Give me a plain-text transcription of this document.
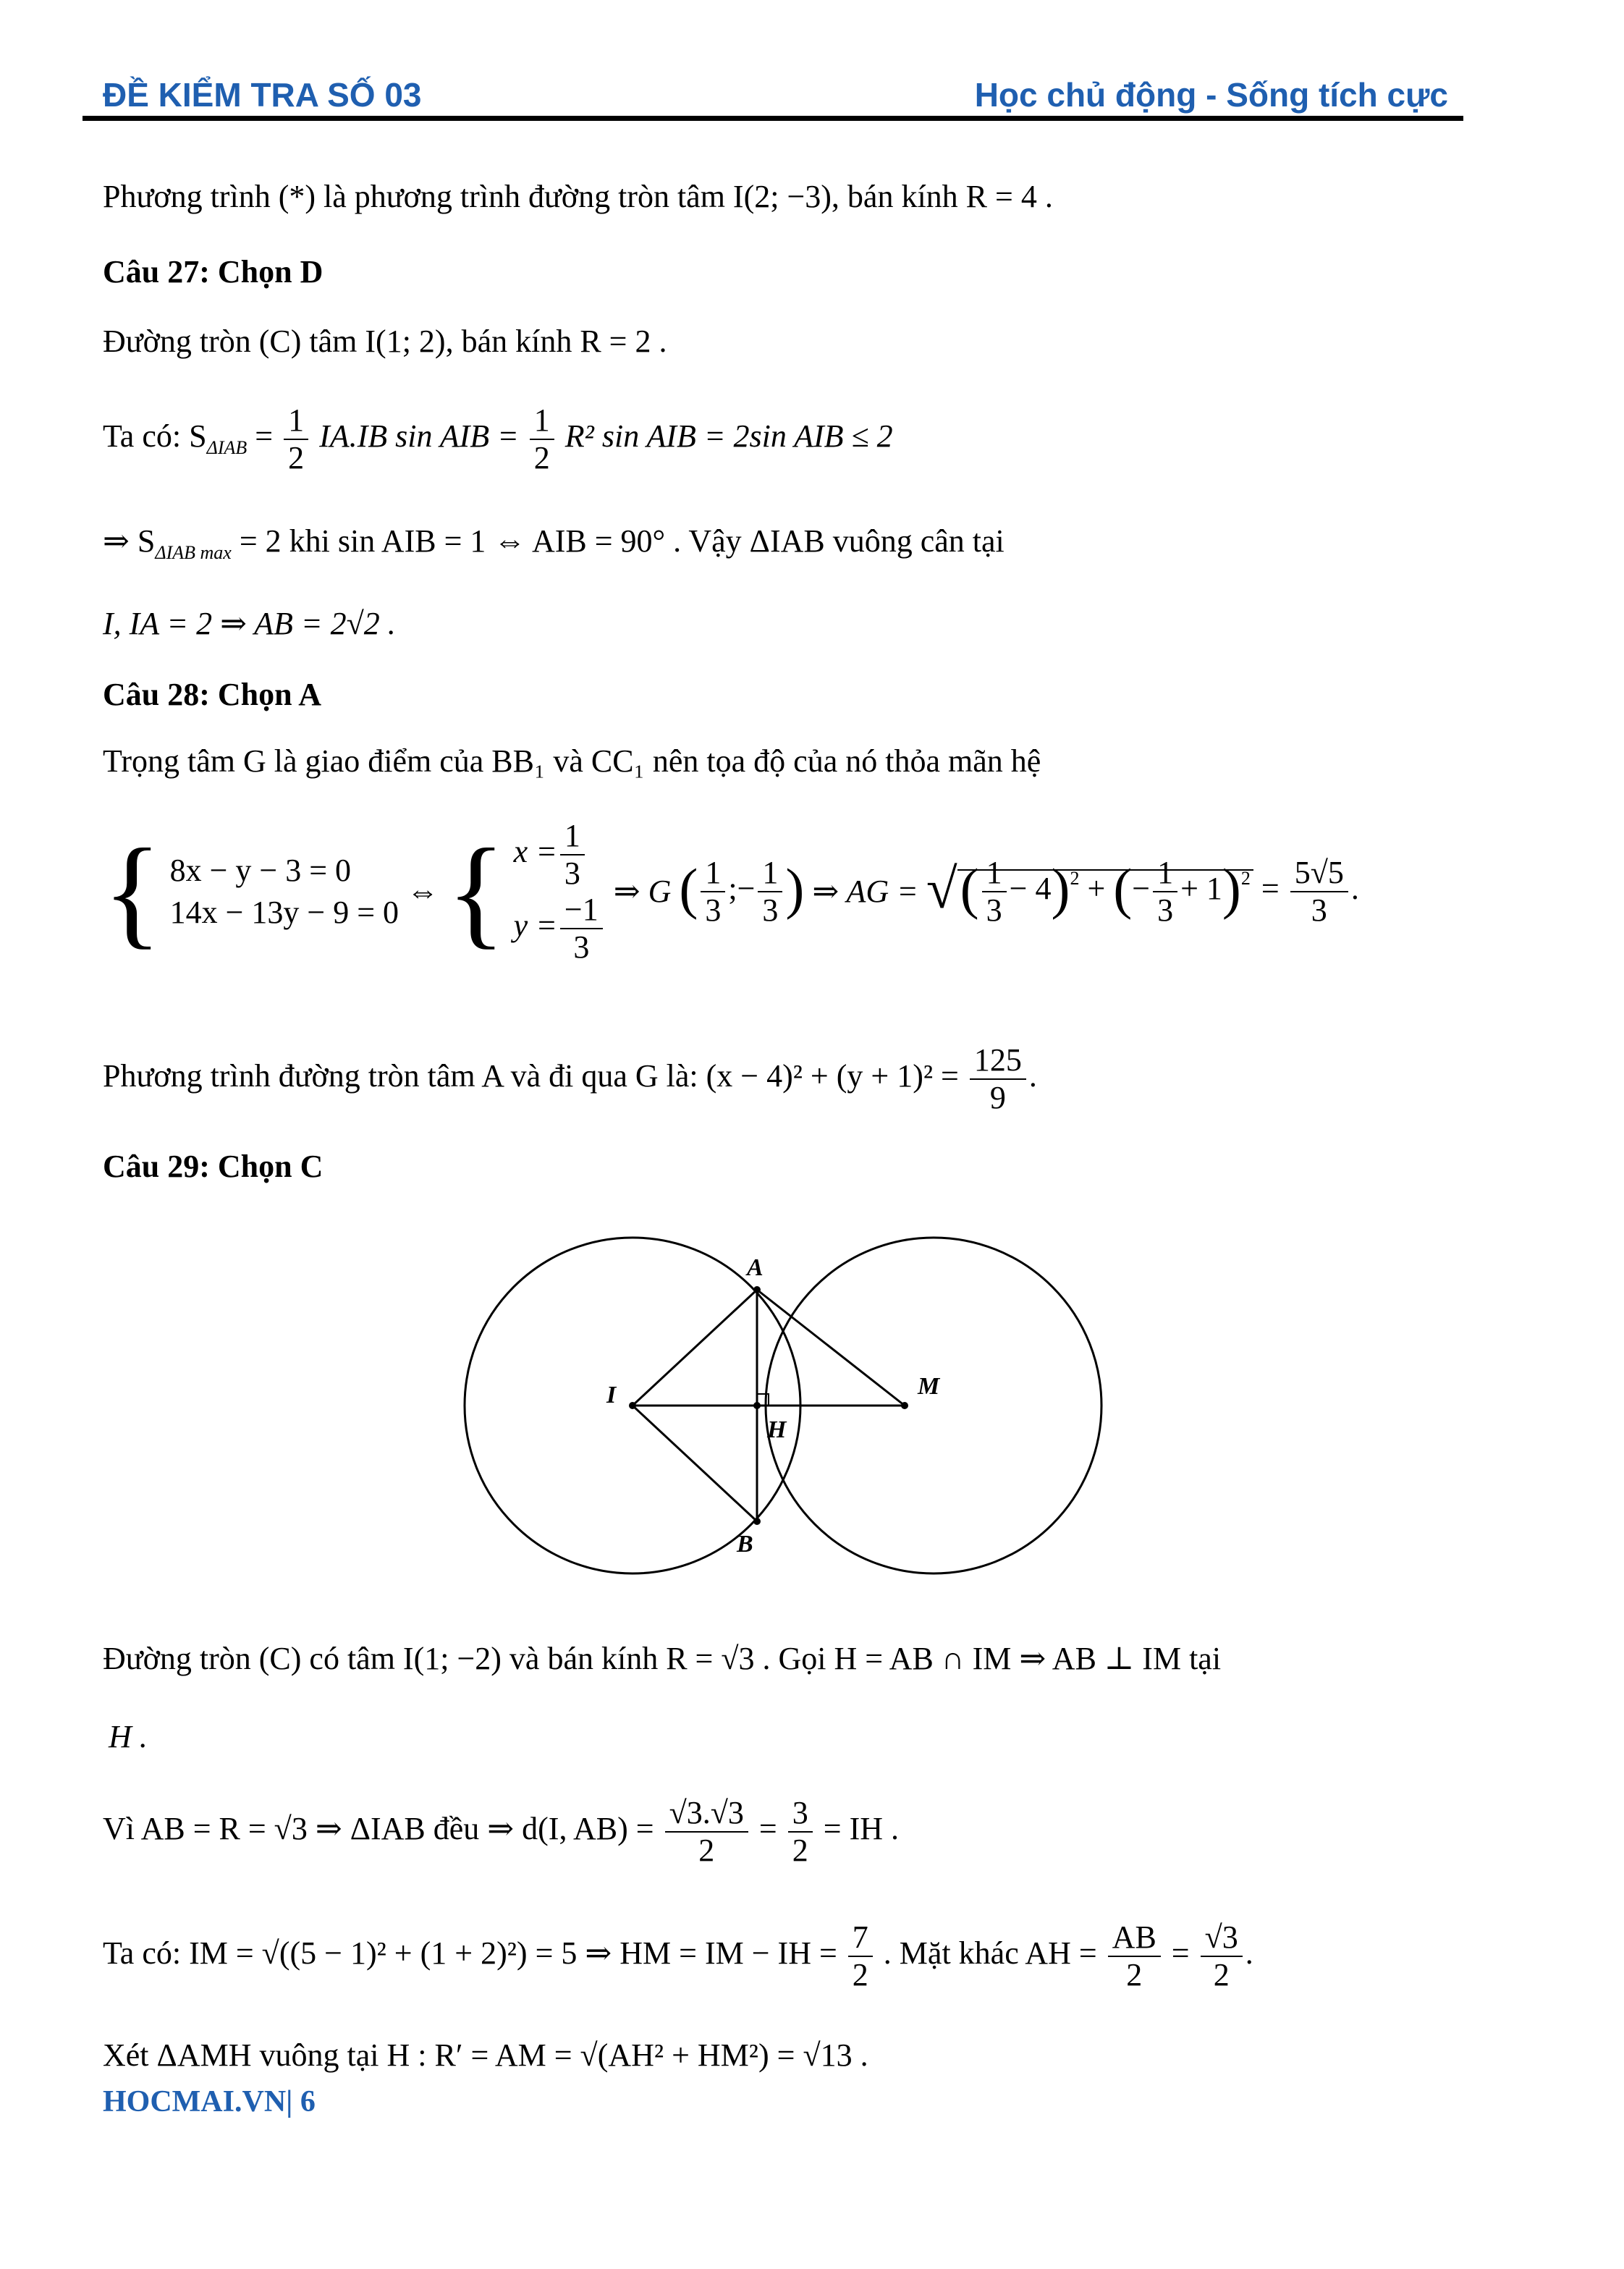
ĐỀ KIỂM TRA SỐ 03	Học chủ động - Sống tích cực
Phương trình (*) là phương trình đường tròn tâm I(2; −3), bán kính R = 4 .
Câu 27: Chọn D
Đường tròn (C) tâm I(1; 2), bán kính R = 2 .
Ta có: $S_{\Delta IAB} = \frac{1}{2} IA.IB$ sin AIB = $\frac{1}{2} R^2$ sin AIB = 2sin AIB ≤ 2
⇒ $S_{\Delta IAB max} = 2$ khi sin AIB = 1 ⇔ AIB = 90° . Vậy ΔIAB vuông cân tại
I, IA = 2 ⇒ AB = 2√2 .
Câu 28: Chọn A
Trọng tâm G là giao điểm của BB₁ và CC₁ nên tọa độ của nó thỏa mãn hệ
{ 8x − y − 3 = 0
14x − 13y − 9 = 0
⇔ { $x = \frac{1}{3}$
$y = \frac{-1}{3}$
⇒ G ( $\frac{1}{3}$ ;− $\frac{1}{3}$ ) ⇒ AG = √( $\frac{1}{3} - 4)^2$ + (− $\frac{1}{3} + 1)^2 = \frac{5√5}{3}$ .
Phương trình đường tròn tâm A và đi qua G là: $(x - 4)^2 + (y + 1)^2 = \frac{125}{9}$ .
Câu 29: Chọn C
A
B
I	M
H
Đường tròn (C) có tâm I(1; −2) và bán kính R = √3 . Gọi H = AB ∩ IM ⇒ AB ⊥ IM tại
H .
Vì AB = R = √3 ⇒ ΔIAB đều ⇒ d(I, $AB) = \frac{√3.√3}{2} = \frac{3}{2}$ = IH .
Ta có: IM = √((5 − 1)² + (1 + 2)²) = 5 ⇒ HM = IM − IH = $\frac{7}{2}$ . Mặt khác AH = $\frac{AB}{2} = \frac{√3}{2}$ .
Xét ΔAMH vuông tại H : R′ = AM = √(AH² + HM²) = √13 .
HOCMAI.VN| 6
